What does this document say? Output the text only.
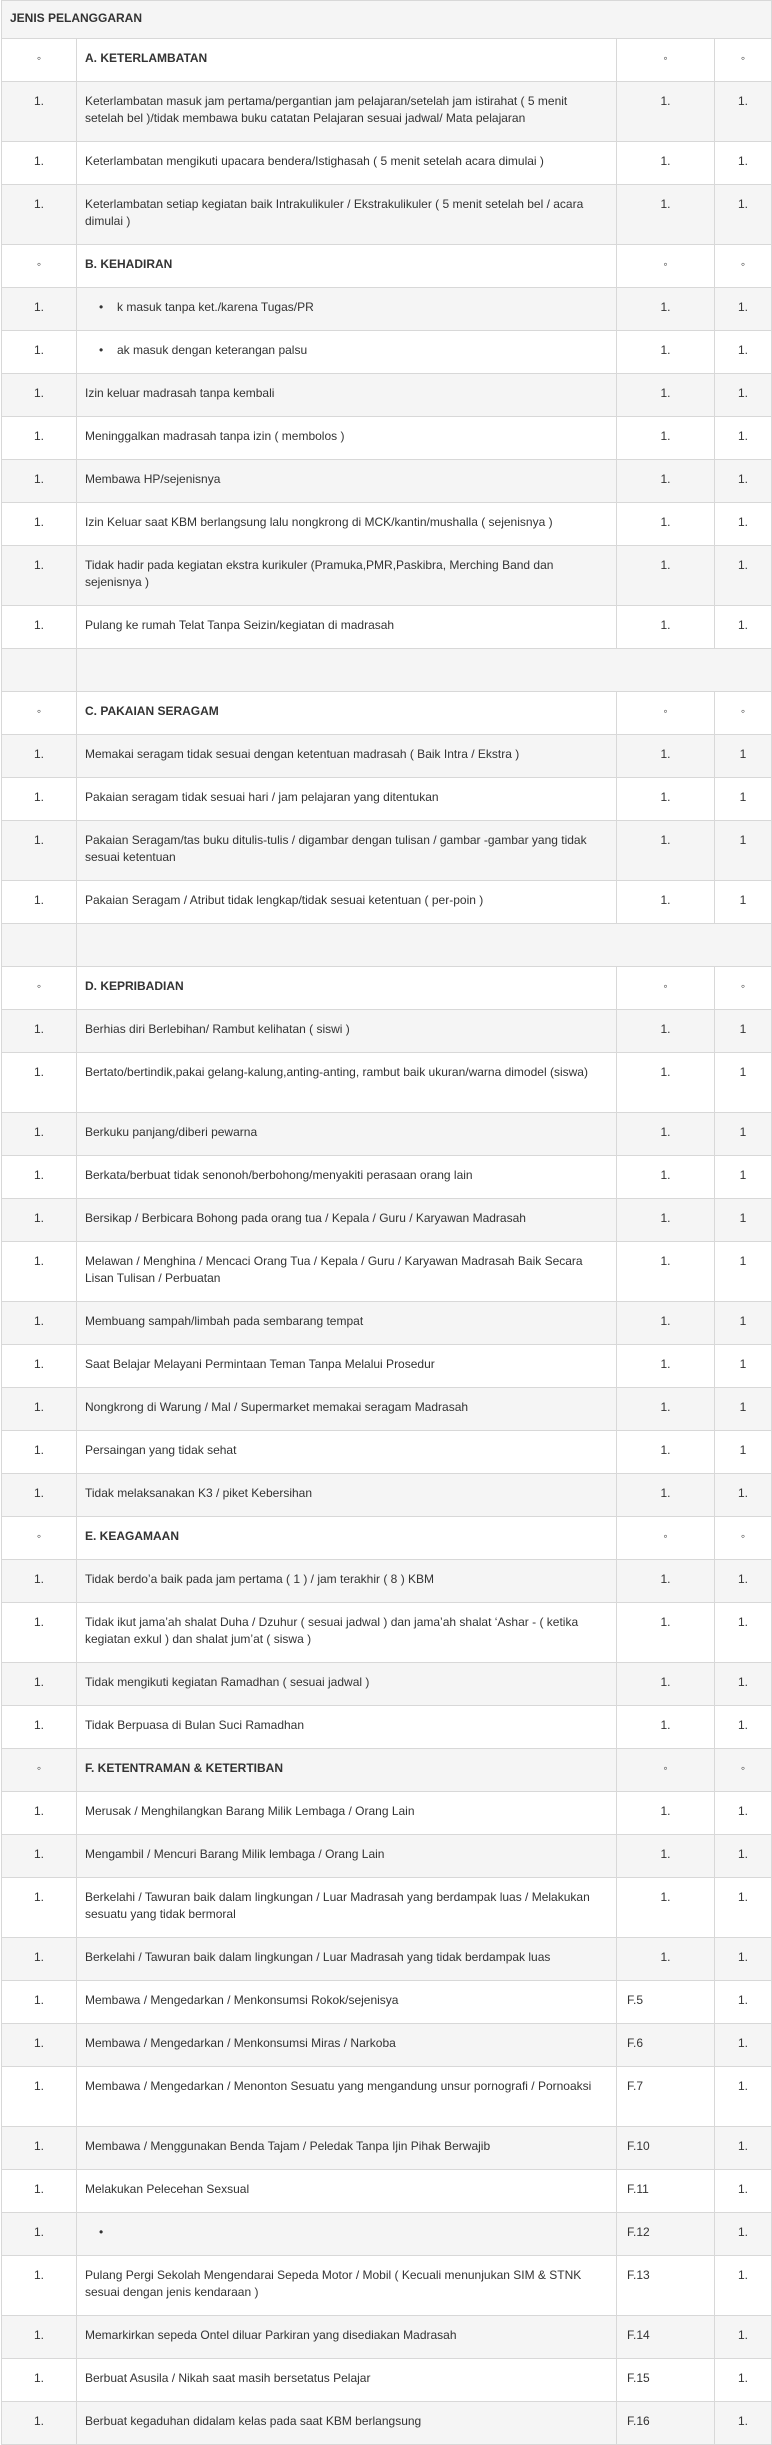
JENIS PELANGGARAN			
◦	A. KETERLAMBATAN	◦	◦
1.	Keterlambatan masuk jam pertama/pergantian jam pelajaran/setelah jam istirahat ( 5 menit setelah bel )/tidak membawa buku catatan Pelajaran sesuai jadwal/ Mata pelajaran	1.	1.
1.	Keterlambatan mengikuti upacara bendera/Istighasah ( 5 menit setelah acara dimulai )	1.	1.
1.	Keterlambatan setiap kegiatan baik Intrakulikuler / Ekstrakulikuler ( 5 menit setelah bel / acara dimulai )	1.	1.
◦	B. KEHADIRAN	◦	◦
1.	• k masuk tanpa ket./karena Tugas/PR	1.	1.
1.	• ak masuk dengan keterangan palsu	1.	1.
1.	Izin keluar madrasah tanpa kembali	1.	1.
1.	Meninggalkan madrasah tanpa izin ( membolos )	1.	1.
1.	Membawa HP/sejenisnya	1.	1.
1.	Izin Keluar saat KBM berlangsung lalu nongkrong di MCK/kantin/mushalla ( sejenisnya )	1.	1.
1.	Tidak hadir pada kegiatan ekstra kurikuler (Pramuka,PMR,Paskibra, Merching Band dan sejenisnya )	1.	1.
1.	Pulang ke rumah Telat Tanpa Seizin/kegiatan di madrasah	1.	1.

◦	C. PAKAIAN SERAGAM	◦	◦
1.	Memakai seragam tidak sesuai dengan ketentuan madrasah ( Baik Intra / Ekstra )	1.	1
1.	Pakaian seragam tidak sesuai hari / jam pelajaran yang ditentukan	1.	1
1.	Pakaian Seragam/tas buku ditulis-tulis / digambar dengan tulisan / gambar -gambar yang tidak sesuai ketentuan	1.	1
1.	Pakaian Seragam / Atribut tidak lengkap/tidak sesuai ketentuan ( per-poin )	1.	1

◦	D. KEPRIBADIAN	◦	◦
1.	Berhias diri Berlebihan/ Rambut kelihatan ( siswi )	1.	1
1.	Bertato/bertindik,pakai gelang-kalung,anting-anting, rambut baik ukuran/warna dimodel (siswa)	1.	1
1.	Berkuku panjang/diberi pewarna	1.	1
1.	Berkata/berbuat tidak senonoh/berbohong/menyakiti perasaan orang lain	1.	1
1.	Bersikap / Berbicara Bohong pada orang tua / Kepala / Guru / Karyawan Madrasah	1.	1
1.	Melawan / Menghina / Mencaci Orang Tua / Kepala / Guru / Karyawan Madrasah Baik Secara Lisan Tulisan / Perbuatan	1.	1
1.	Membuang sampah/limbah pada sembarang tempat	1.	1
1.	Saat Belajar Melayani Permintaan Teman Tanpa Melalui Prosedur	1.	1
1.	Nongkrong di Warung / Mal / Supermarket memakai seragam Madrasah	1.	1
1.	Persaingan yang tidak sehat	1.	1
1.	Tidak melaksanakan K3 / piket Kebersihan	1.	1.
◦	E. KEAGAMAAN	◦	◦
1.	Tidak berdo’a baik pada jam pertama ( 1 ) / jam terakhir ( 8 ) KBM	1.	1.
1.	Tidak ikut jama’ah shalat Duha / Dzuhur ( sesuai jadwal ) dan jama’ah shalat ‘Ashar - ( ketika kegiatan exkul ) dan shalat jum’at ( siswa )	1.	1.
1.	Tidak mengikuti kegiatan Ramadhan ( sesuai jadwal )	1.	1.
1.	Tidak Berpuasa di Bulan Suci Ramadhan	1.	1.
◦	F. KETENTRAMAN & KETERTIBAN	◦	◦
1.	Merusak / Menghilangkan Barang Milik Lembaga / Orang Lain	1.	1.
1.	Mengambil / Mencuri Barang Milik lembaga / Orang Lain	1.	1.
1.	Berkelahi / Tawuran baik dalam lingkungan / Luar Madrasah yang berdampak luas / Melakukan sesuatu yang tidak bermoral	1.	1.
1.	Berkelahi / Tawuran baik dalam lingkungan / Luar Madrasah yang tidak berdampak luas	1.	1.
1.	Membawa / Mengedarkan / Menkonsumsi Rokok/sejenisya	F.5	1.
1.	Membawa / Mengedarkan / Menkonsumsi Miras / Narkoba	F.6	1.
1.	Membawa / Mengedarkan / Menonton Sesuatu yang mengandung unsur pornografi / Pornoaksi	F.7	1.
1.	Membawa / Menggunakan Benda Tajam / Peledak Tanpa Ijin Pihak Berwajib	F.10	1.
1.	Melakukan Pelecehan Sexsual	F.11	1.
1.	•	F.12	1.
1.	Pulang Pergi Sekolah Mengendarai Sepeda Motor / Mobil ( Kecuali menunjukan SIM & STNK sesuai dengan jenis kendaraan )	F.13	1.
1.	Memarkirkan sepeda Ontel diluar Parkiran yang disediakan Madrasah	F.14	1.
1.	Berbuat Asusila / Nikah saat masih bersetatus Pelajar	F.15	1.
1.	Berbuat kegaduhan didalam kelas pada saat KBM berlangsung	F.16	1.
